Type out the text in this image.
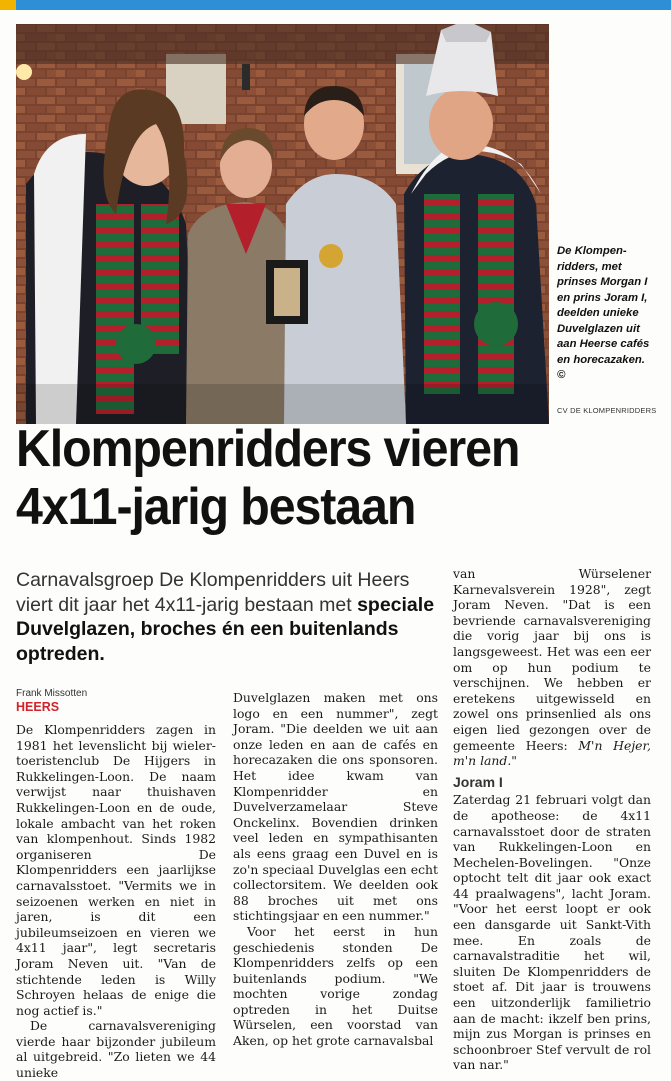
De Klompen-ridders, met prinses Morgan I en prins Joram I, deelden unieke Duvelglazen uit aan Heerse cafés en horecazaken. ©
CV DE KLOMPENRIDDERS
Klompenridders vieren
4x11-jarig bestaan
Carnavalsgroep De Klompenridders uit Heers viert dit jaar het 4x11-jarig bestaan met speciale Duvelglazen, broches én een buitenlands optreden.
Frank Missotten
HEERS

De Klompenridders zagen in 1981 het levenslicht bij wieler-toeristenclub De Hijgers in Rukkelingen-Loon. De naam verwijst naar thuishaven Rukkelingen-Loon en de oude, lokale ambacht van het roken van klompenhout. Sinds 1982 organiseren De Klompenridders een jaarlijkse carnavalsstoet. "Vermits we in seizoenen werken en niet in jaren, is dit een jubileumseizoen en vieren we 4x11 jaar", legt secretaris Joram Neven uit. "Van de stichtende leden is Willy Schroyen helaas de enige die nog actief is."

De carnavalsvereniging vierde haar bijzonder jubileum al uitgebreid. "Zo lieten we 44 unieke

Duvelglazen maken met ons logo en een nummer", zegt Joram. "Die deelden we uit aan onze leden en aan de cafés en horecazaken die ons sponsoren. Het idee kwam van Klompenridder en Duvelverzamelaar Steve Onckelinx. Bovendien drinken veel leden en sympathisanten als eens graag een Duvel en is zo'n speciaal Duvelglas een echt collectorsitem. We deelden ook 88 broches uit met ons stichtingsjaar en een nummer."

Voor het eerst in hun geschiedenis stonden De Klompenridders zelfs op een buitenlands podium. "We mochten vorige zondag optreden in het Duitse Würselen, een voorstad van Aken, op het grote carnavalsbal

van Würselener Karnevalsverein 1928", zegt Joram Neven. "Dat is een bevriende carnavalsvereniging die vorig jaar bij ons is langsgeweest. Het was een eer om op hun podium te verschijnen. We hebben er eretekens uitgewisseld en zowel ons prinsenlied als ons eigen lied gezongen over de gemeente Heers: M'n Hejer, m'n land."

Joram I

Zaterdag 21 februari volgt dan de apotheose: de 4x11 carnavalsstoet door de straten van Rukkelingen-Loon en Mechelen-Bovelingen. "Onze optocht telt dit jaar ook exact 44 praalwagens", lacht Joram. "Voor het eerst loopt er ook een dansgarde uit Sankt-Vith mee. En zoals de carnavalstraditie het wil, sluiten De Klompenridders de stoet af. Dit jaar is trouwens een uitzonderlijk familietrio aan de macht: ikzelf ben prins, mijn zus Morgan is prinses en schoonbroer Stef vervult de rol van nar."
